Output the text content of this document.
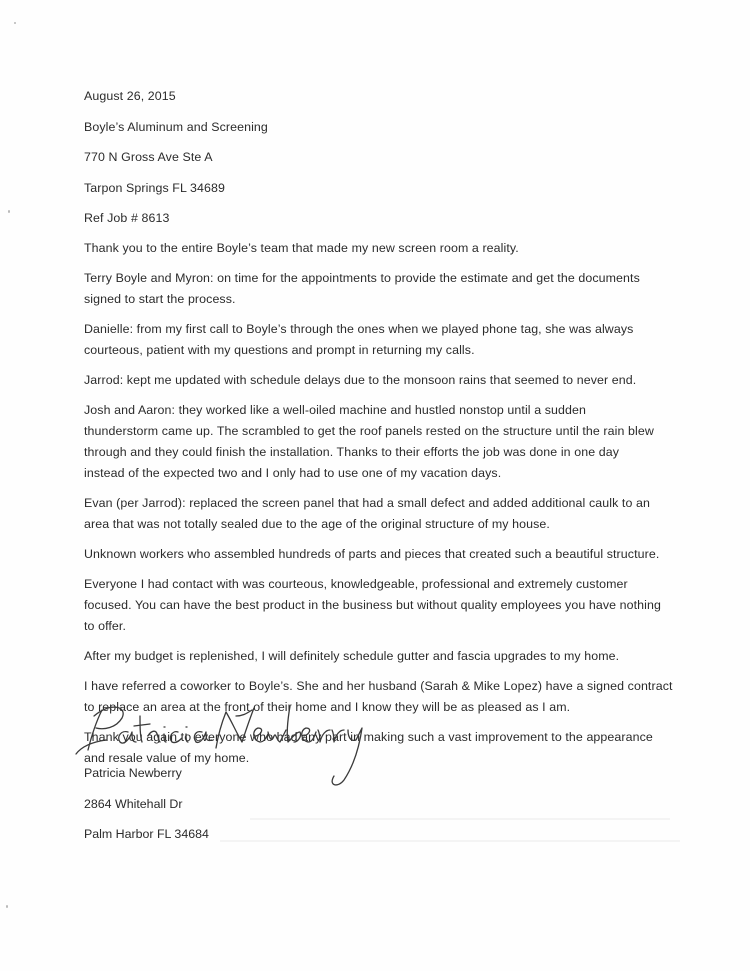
August 26, 2015
Boyle’s Aluminum and Screening
770 N Gross Ave Ste A
Tarpon Springs FL 34689
Ref Job # 8613
Thank you to the entire Boyle’s team that made my new screen room a reality.
Terry Boyle and Myron: on time for the appointments to provide the estimate and get the documents
signed to start the process.
Danielle: from my first call to Boyle’s through the ones when we played phone tag, she was always
courteous, patient with my questions and prompt in returning my calls.
Jarrod: kept me updated with schedule delays due to the monsoon rains that seemed to never end.
Josh and Aaron: they worked like a well-oiled machine and hustled nonstop until a sudden
thunderstorm came up. The scrambled to get the roof panels rested on the structure until the rain blew
through and they could finish the installation. Thanks to their efforts the job was done in one day
instead of the expected two and I only had to use one of my vacation days.
Evan (per Jarrod): replaced the screen panel that had a small defect and added additional caulk to an
area that was not totally sealed due to the age of the original structure of my house.
Unknown workers who assembled hundreds of parts and pieces that created such a beautiful structure.
Everyone I had contact with was courteous, knowledgeable, professional and extremely customer
focused. You can have the best product in the business but without quality employees you have nothing
to offer.
After my budget is replenished, I will definitely schedule gutter and fascia upgrades to my home.
I have referred a coworker to Boyle’s. She and her husband (Sarah & Mike Lopez) have a signed contract
to replace an area at the front of their home and I know they will be as pleased as I am.
Thank you again to everyone who had any part in making such a vast improvement to the appearance
and resale value of my home.
Patricia Newberry
2864 Whitehall Dr
Palm Harbor FL 34684
